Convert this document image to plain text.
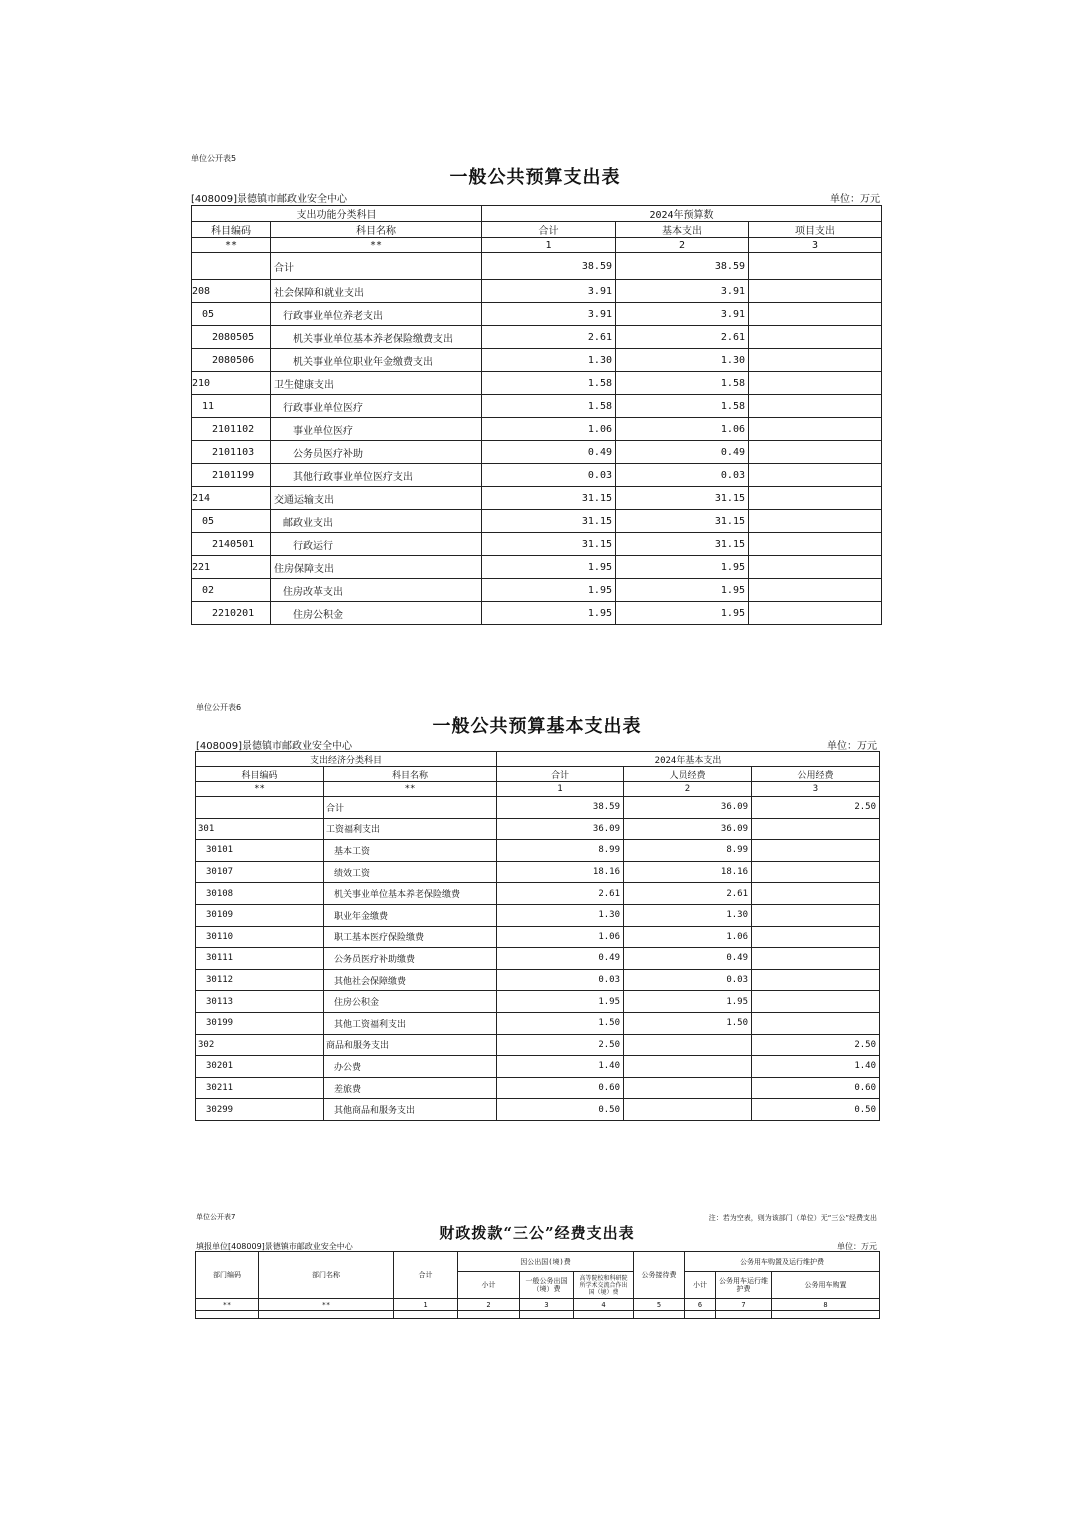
单位公开表5
一般公共预算支出表
[408009]景德镇市邮政业安全中心	单位：万元
支出功能分类科目		2024年预算数		
科目编码	科目名称	合计	基本支出	项目支出
**	**	1	2	3
	合计	38.59	38.59	
208	社会保障和就业支出	3.91	3.91	
05	行政事业单位养老支出	3.91	3.91	
2080505	机关事业单位基本养老保险缴费支出	2.61	2.61	
2080506	机关事业单位职业年金缴费支出	1.30	1.30	
210	卫生健康支出	1.58	1.58	
11	行政事业单位医疗	1.58	1.58	
2101102	事业单位医疗	1.06	1.06	
2101103	公务员医疗补助	0.49	0.49	
2101199	其他行政事业单位医疗支出	0.03	0.03	
214	交通运输支出	31.15	31.15	
05	邮政业支出	31.15	31.15	
2140501	行政运行	31.15	31.15	
221	住房保障支出	1.95	1.95	
02	住房改革支出	1.95	1.95	
2210201	住房公积金	1.95	1.95	
单位公开表6
一般公共预算基本支出表
[408009]景德镇市邮政业安全中心	单位：万元
支出经济分类科目		2024年基本支出		
科目编码	科目名称	合计	人员经费	公用经费
**	**	1	2	3
	合计	38.59	36.09	2.50
301	工资福利支出	36.09	36.09	
30101	基本工资	8.99	8.99	
30107	绩效工资	18.16	18.16	
30108	机关事业单位基本养老保险缴费	2.61	2.61	
30109	职业年金缴费	1.30	1.30	
30110	职工基本医疗保险缴费	1.06	1.06	
30111	公务员医疗补助缴费	0.49	0.49	
30112	其他社会保障缴费	0.03	0.03	
30113	住房公积金	1.95	1.95	
30199	其他工资福利支出	1.50	1.50	
302	商品和服务支出	2.50		2.50
30201	办公费	1.40		1.40
30211	差旅费	0.60		0.60
30299	其他商品和服务支出	0.50		0.50
单位公开表7	注：若为空表，则为该部门（单位）无“三公”经费支出
财政拨款“三公”经费支出表
填报单位[408009]景德镇市邮政业安全中心	单位：万元
部门编码	部门名称	合计	因公出国(境)费			公务接待费	公务用车购置及运行维护费		
			小计	一般公务出国（境）费	高等院校和科研院所学术交流合作出国（境）费		小计	公务用车运行维护费	公务用车购置
**	**	1	2	3	4	5	6	7	8
